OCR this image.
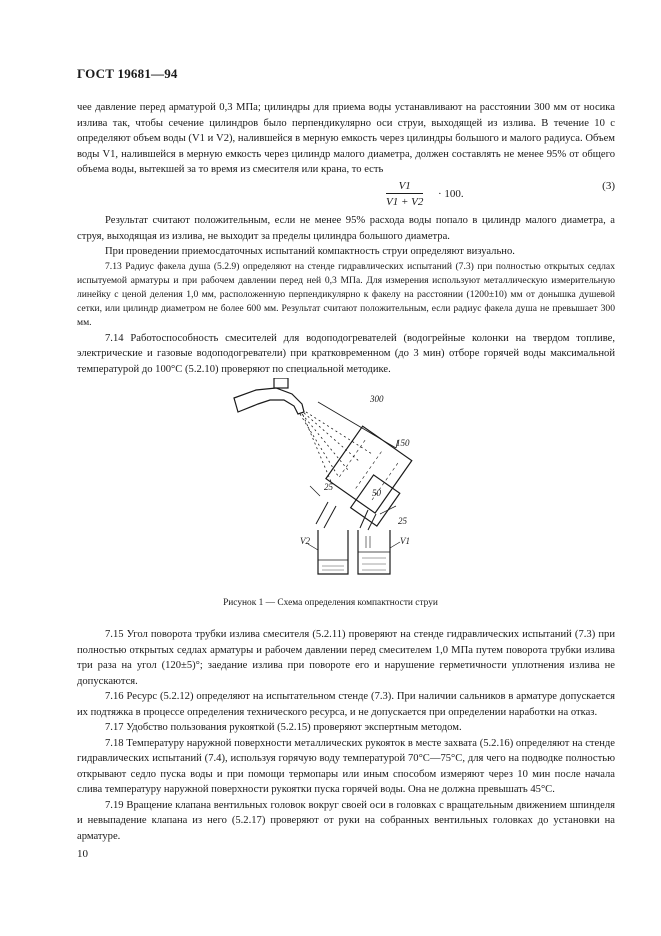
ГОСТ 19681—94

чее давление перед арматурой 0,3 МПа; цилиндры для приема воды устанавливают на расстоянии 300 мм от носика излива так, чтобы сечение цилиндров было перпендикулярно оси струи, выходящей из излива. В течение 10 с определяют объем воды (V1 и V2), налившейся в мерную емкость через цилиндры большого и малого радиуса. Объем воды V1, налившейся в мерную емкость через цилиндр малого диаметра, должен составлять не менее 95% от общего объема воды, вытекшей за то время из смесителя или крана, то есть

$\frac{V1}{V1 + V2} \cdot 100$.
(3)

Результат считают положительным, если не менее 95% расхода воды попало в цилиндр малого диаметра, а струя, выходящая из излива, не выходит за пределы цилиндра большого диаметра.

При проведении приемосдаточных испытаний компактность струи определяют визуально.

7.13 Радиус факела душа (5.2.9) определяют на стенде гидравлических испытаний (7.3) при полностью открытых седлах испытуемой арматуры и при рабочем давлении перед ней 0,3 МПа. Для измерения используют металлическую измерительную линейку с ценой деления 1,0 мм, расположенную перпендикулярно к факелу на расстоянии (1200±10) мм от донышка душевой сетки, или цилиндр диаметром не более 600 мм. Результат считают положительным, если радиус факела душа не превышает 300 мм.

7.14 Работоспособность смесителей для водоподогревателей (водогрейные колонки на твердом топливе, электрические и газовые водоподогреватели) при кратковременном (до 3 мин) отборе горячей воды максимальной температурой до 100°С (5.2.10) проверяют по специальной методике.

300
150
50
25
25
V2	V1
Рисунок 1 — Схема определения компактности струи

7.15 Угол поворота трубки излива смесителя (5.2.11) проверяют на стенде гидравлических испытаний (7.3) при полностью открытых седлах арматуры и рабочем давлении перед смесителем 1,0 МПа путем поворота трубки излива три раза на угол (120±5)°; заедание излива при повороте его и нарушение герметичности уплотнения излива не допускаются.

7.16 Ресурс (5.2.12) определяют на испытательном стенде (7.3). При наличии сальников в арматуре допускается их подтяжка в процессе определения технического ресурса, и не допускается при определении наработки на отказ.

7.17 Удобство пользования рукояткой (5.2.15) проверяют экспертным методом.

7.18 Температуру наружной поверхности металлических рукояток в месте захвата (5.2.16) определяют на стенде гидравлических испытаний (7.4), используя горячую воду температурой 70°С—75°С, для чего на подводке полностью открывают седло пуска воды и при помощи термопары или иным способом измеряют через 10 мин после начала слива температуру наружной поверхности рукоятки пуска горячей воды. Она не должна превышать 45°С.

7.19 Вращение клапана вентильных головок вокруг своей оси в головках с вращательным движением шпинделя и невыпадение клапана из него (5.2.17) проверяют от руки на собранных вентильных головках до установки на арматуре.

10
